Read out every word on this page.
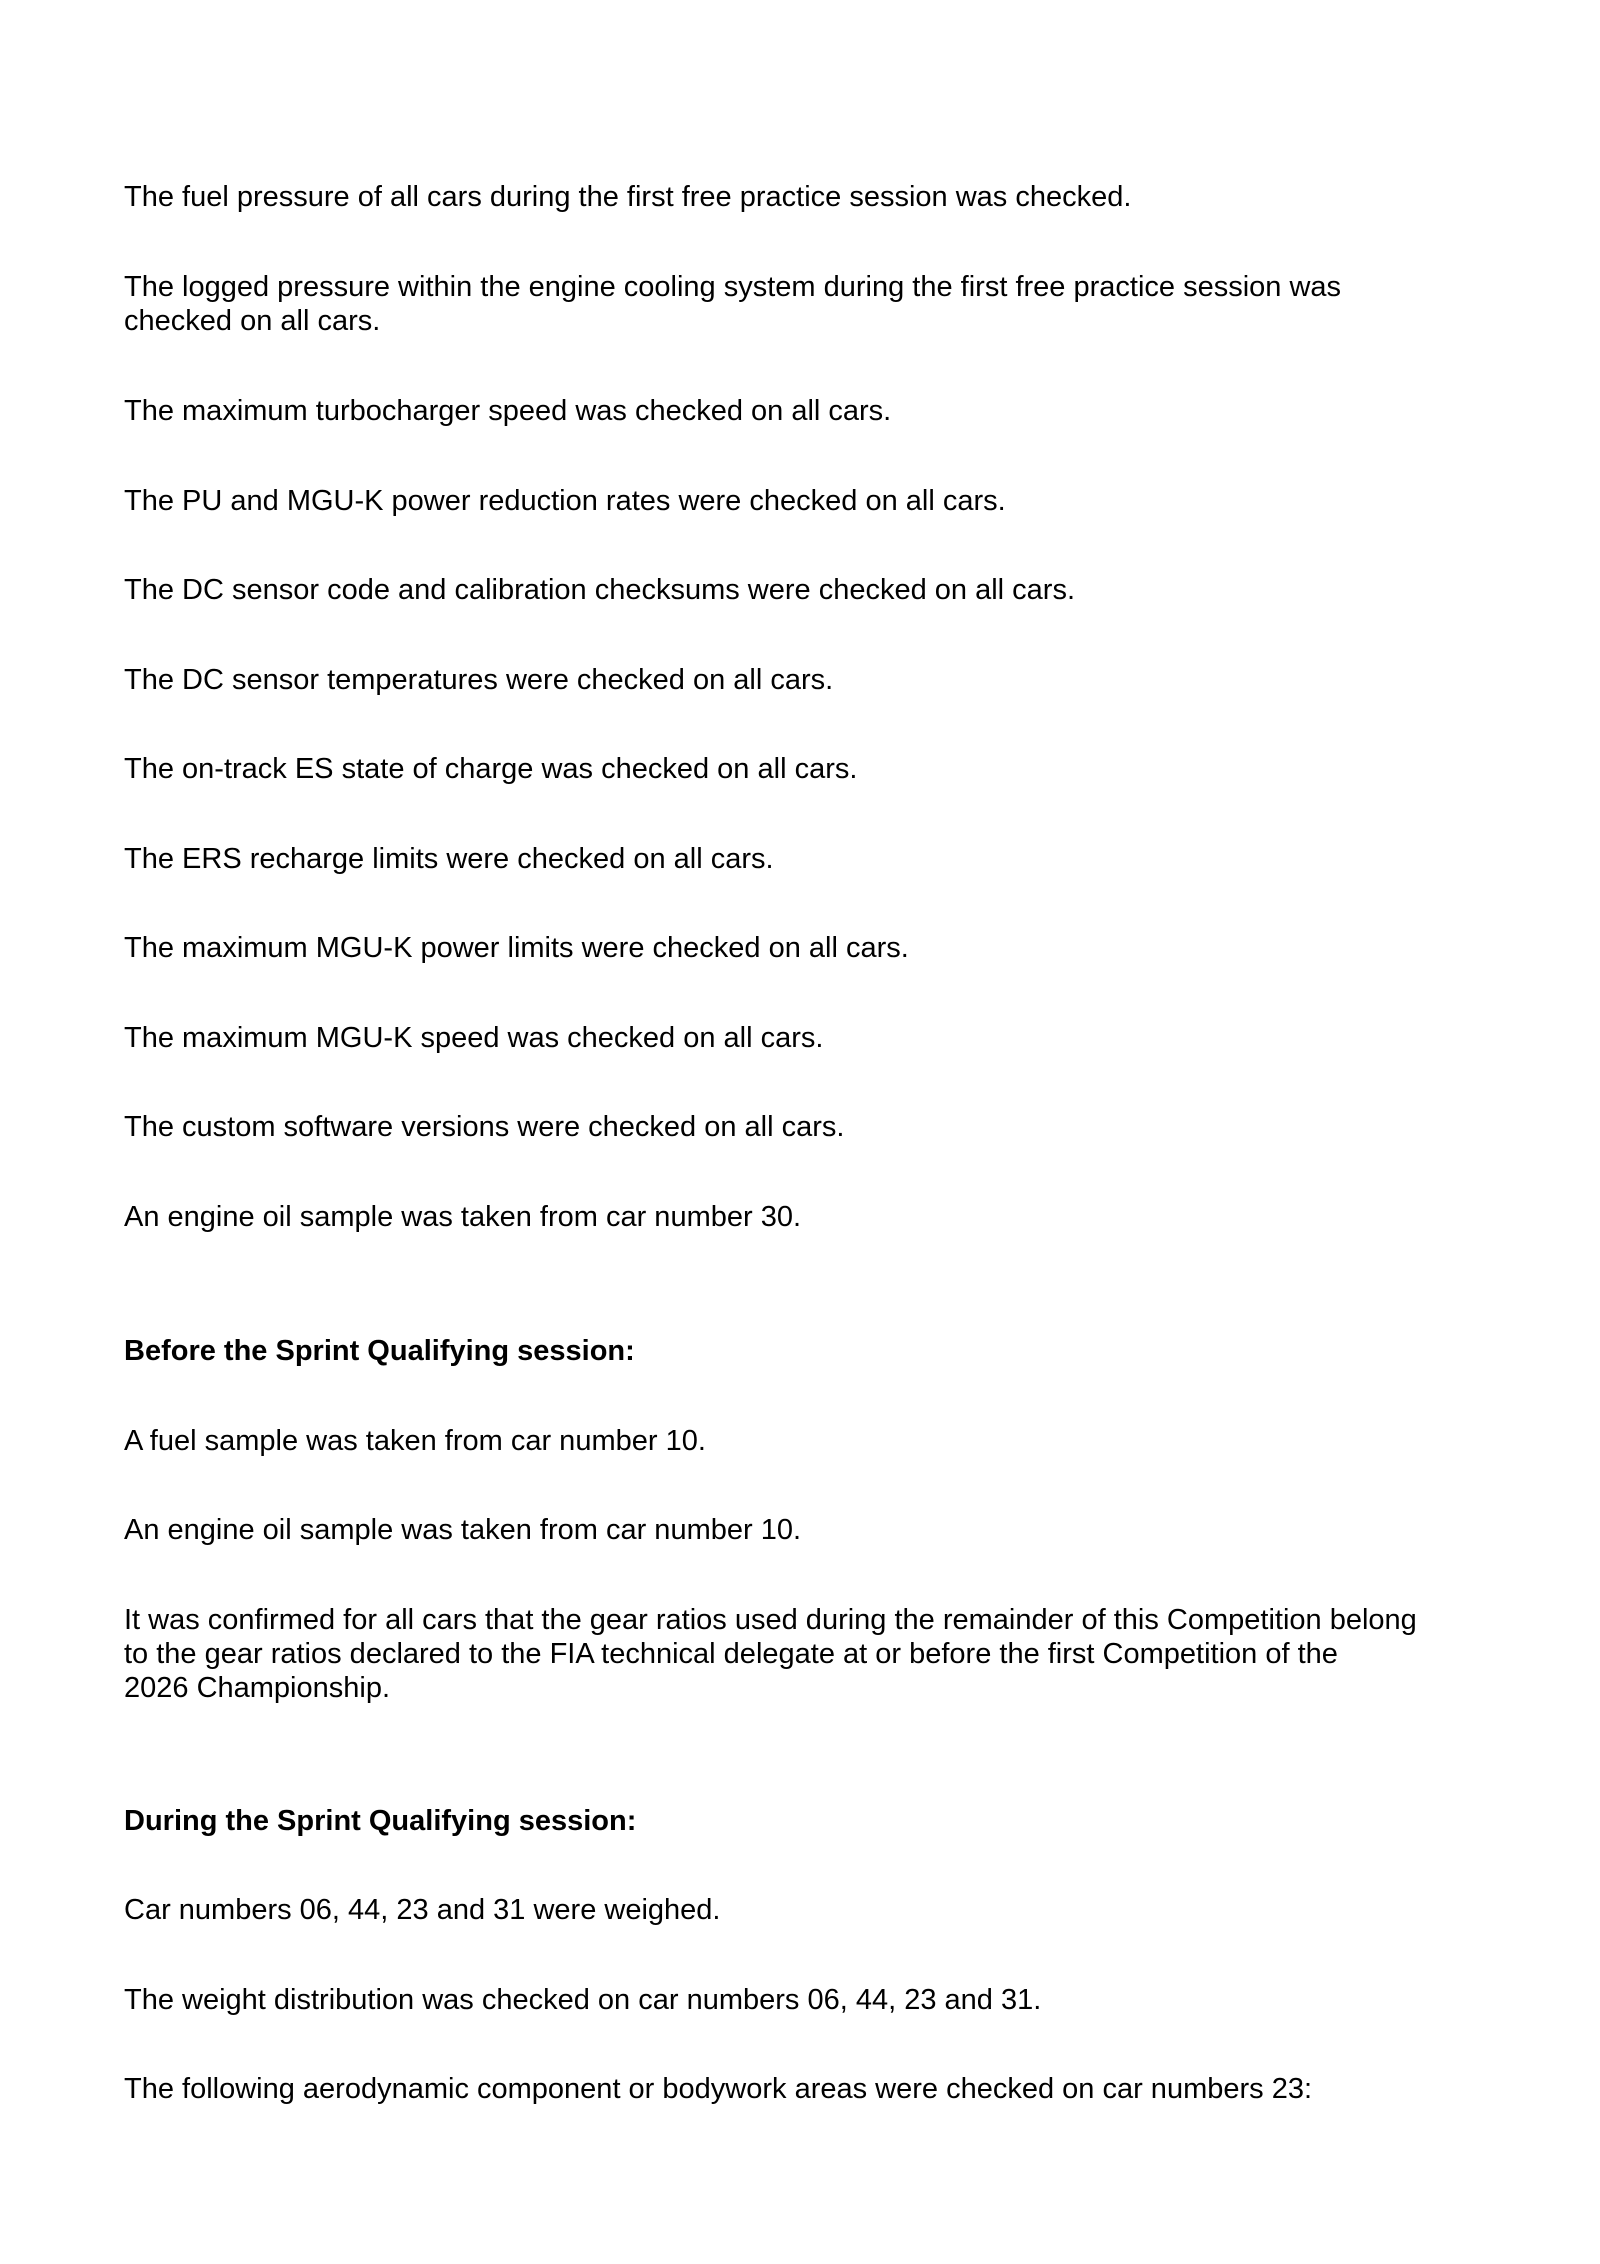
The fuel pressure of all cars during the first free practice session was checked.

The logged pressure within the engine cooling system during the first free practice session was
checked on all cars.

The maximum turbocharger speed was checked on all cars.

The PU and MGU-K power reduction rates were checked on all cars.

The DC sensor code and calibration checksums were checked on all cars.

The DC sensor temperatures were checked on all cars.

The on-track ES state of charge was checked on all cars.

The ERS recharge limits were checked on all cars.

The maximum MGU-K power limits were checked on all cars.

The maximum MGU-K speed was checked on all cars.

The custom software versions were checked on all cars.

An engine oil sample was taken from car number 30.

Before the Sprint Qualifying session:

A fuel sample was taken from car number 10.

An engine oil sample was taken from car number 10.

It was confirmed for all cars that the gear ratios used during the remainder of this Competition belong
to the gear ratios declared to the FIA technical delegate at or before the first Competition of the
2026 Championship.

During the Sprint Qualifying session:

Car numbers 06, 44, 23 and 31 were weighed.

The weight distribution was checked on car numbers 06, 44, 23 and 31.

The following aerodynamic component or bodywork areas were checked on car numbers 23:
